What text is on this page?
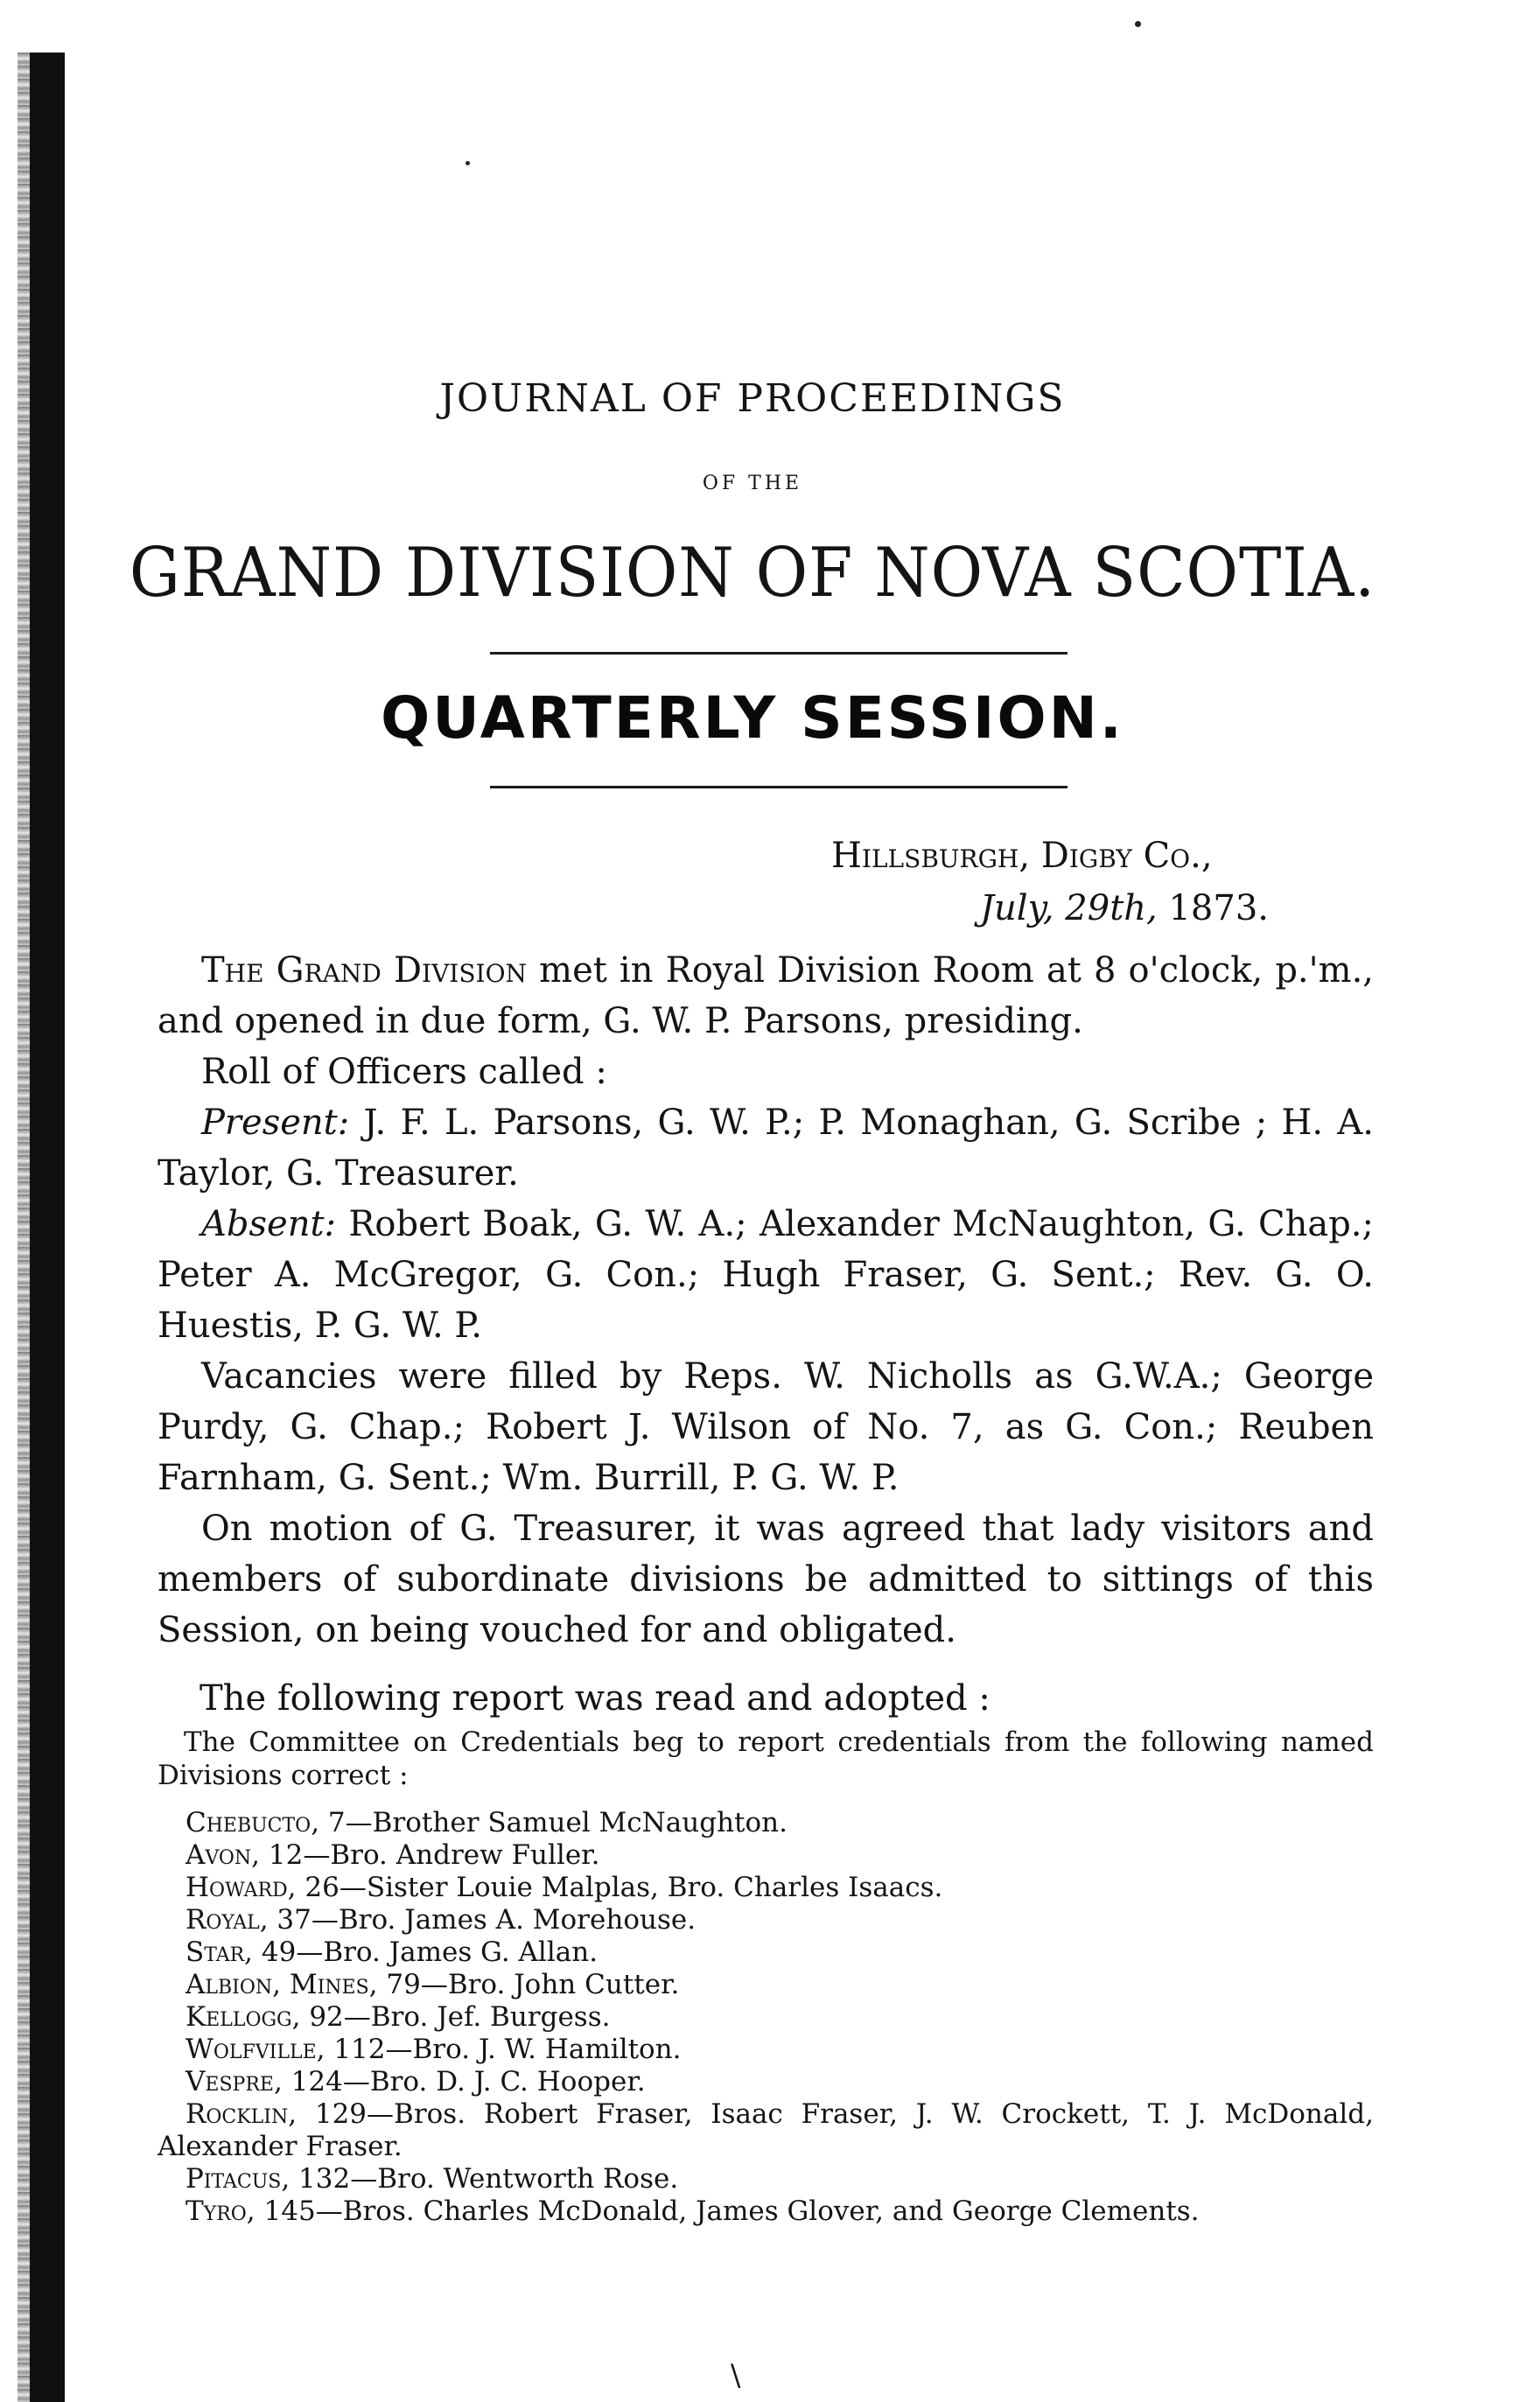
JOURNAL OF PROCEEDINGS
OF THE
GRAND DIVISION OF NOVA SCOTIA.
QUARTERLY SESSION.
Hillsburgh, Digby Co.,
July, 29th, 1873.

The Grand Division met in Royal Division Room at 8 o'clock, p.'m., and opened in due form, G. W. P. Parsons, presiding.

Roll of Officers called :

Present: J. F. L. Parsons, G. W. P.; P. Monaghan, G. Scribe ; H. A. Taylor, G. Treasurer.

Absent: Robert Boak, G. W. A.; Alexander McNaughton, G. Chap.; Peter A. McGregor, G. Con.; Hugh Fraser, G. Sent.; Rev. G. O. Huestis, P. G. W. P.

Vacancies were filled by Reps. W. Nicholls as G.W.A.; George Purdy, G. Chap.; Robert J. Wilson of No. 7, as G. Con.; Reuben Farnham, G. Sent.; Wm. Burrill, P. G. W. P.

On motion of G. Treasurer, it was agreed that lady visitors and members of subordinate divisions be admitted to sittings of this Session, on being vouched for and obligated.

The following report was read and adopted :

The Committee on Credentials beg to report credentials from the following named Divisions correct :

Chebucto, 7—Brother Samuel McNaughton.
Avon, 12—Bro. Andrew Fuller.
Howard, 26—Sister Louie Malplas, Bro. Charles Isaacs.
Royal, 37—Bro. James A. Morehouse.
Star, 49—Bro. James G. Allan.
Albion, Mines, 79—Bro. John Cutter.
Kellogg, 92—Bro. Jef. Burgess.
Wolfville, 112—Bro. J. W. Hamilton.
Vespre, 124—Bro. D. J. C. Hooper.
Rocklin, 129—Bros. Robert Fraser, Isaac Fraser, J. W. Crockett, T. J. McDonald, Alexander Fraser.
Pitacus, 132—Bro. Wentworth Rose.
Tyro, 145—Bros. Charles McDonald, James Glover, and George Clements.
\
